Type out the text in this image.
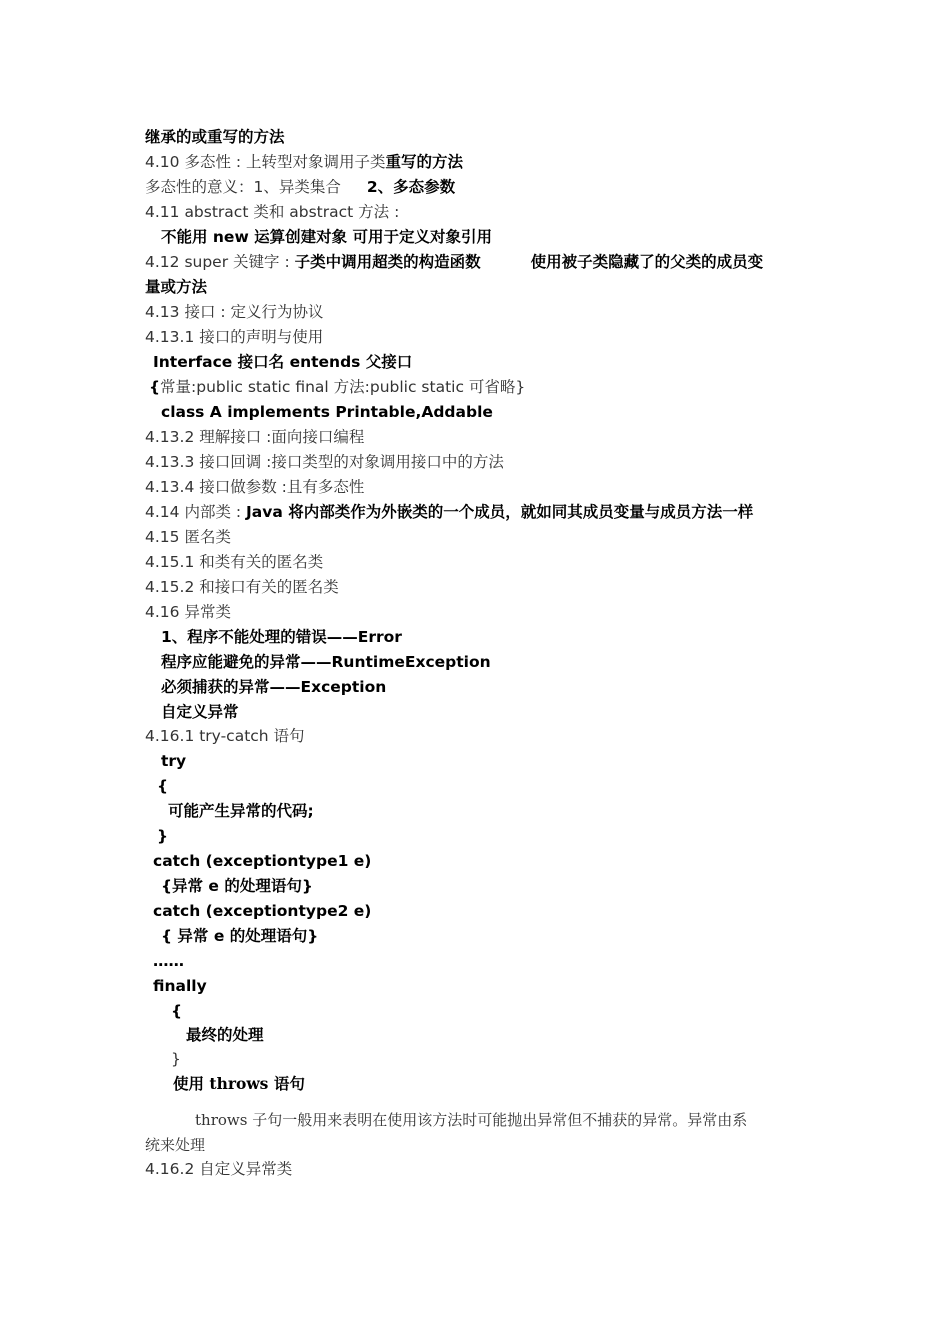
继承的或重写的方法
4.10 多态性 : 上转型对象调用子类重写的方法
多态性的意义：1、异类集合 2、多态参数
4.11 abstract 类和 abstract 方法 :
不能用 new 运算创建对象 可用于定义对象引用
4.12 super 关键字 : 子类中调用超类的构造函数	使用被子类隐藏了的父类的成员变
量或方法
4.13 接口 : 定义行为协议
4.13.1 接口的声明与使用
Interface 接口名 entends 父接口
{常量:public static final 方法:public static 可省略}
class A implements Printable,Addable
4.13.2 理解接口 :面向接口编程
4.13.3 接口回调 :接口类型的对象调用接口中的方法
4.13.4 接口做参数 :且有多态性
4.14 内部类 : Java 将内部类作为外嵌类的一个成员，就如同其成员变量与成员方法一样
4.15 匿名类
4.15.1 和类有关的匿名类
4.15.2 和接口有关的匿名类
4.16 异常类
1、程序不能处理的错误——Error
程序应能避免的异常——RuntimeException
必须捕获的异常——Exception
自定义异常
4.16.1 try-catch 语句
try
{
可能产生异常的代码;
}
catch (exceptiontype1 e)
{异常 e 的处理语句}
catch (exceptiontype2 e)
{ 异常 e 的处理语句}
……
finally
{
最终的处理
}
使用 throws 语句
throws 子句一般用来表明在使用该方法时可能抛出异常但不捕获的异常。异常由系
统来处理
4.16.2 自定义异常类
